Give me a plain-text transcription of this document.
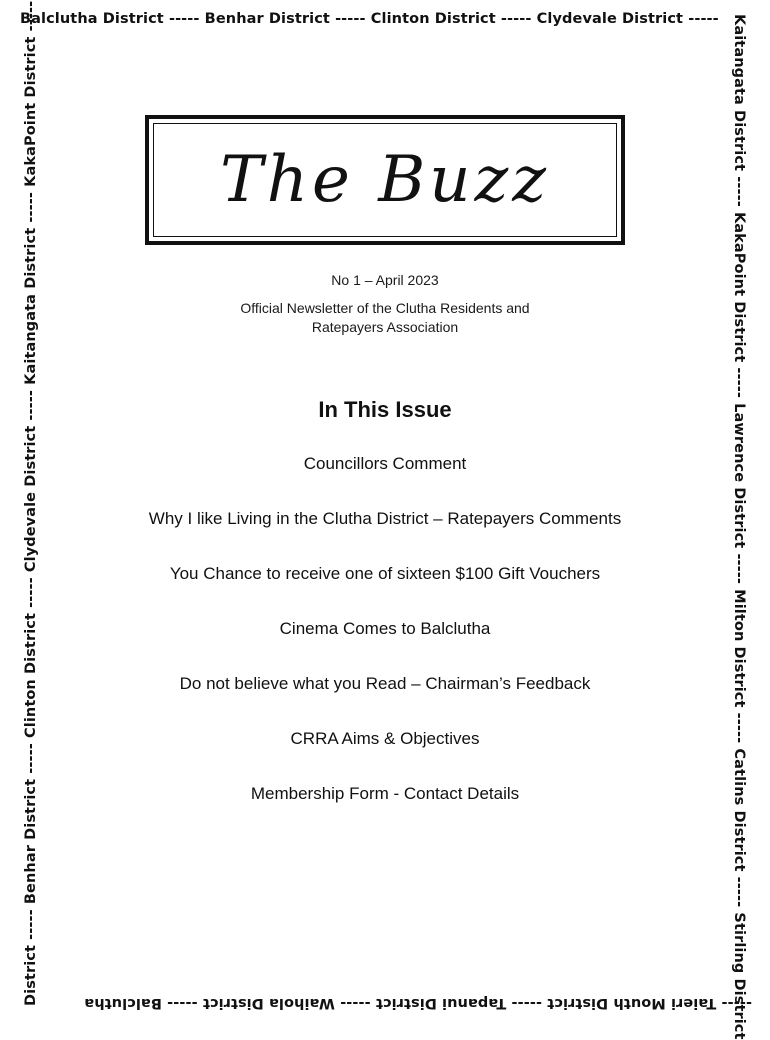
Balclutha District ----- Benhar District ----- Clinton District ----- Clydevale District ----- Kaitangata District ----- KakaPoint District ----- Lawrence District ----- Milton District ----- Catlins District ----- Stirling District
----- Taieri Mouth District ----- Tapanui District ----- Waihola District ----- Balclutha
District ----- Benhar District ----- Clinton District ----- Clydevale District ----- Kaitangata District ----- KakaPoint District -----	The Buzz
No 1 – April 2023
Official Newsletter of the Clutha Residents and
Ratepayers Association
In This Issue
Councillors Comment
Why I like Living in the Clutha District – Ratepayers Comments
You Chance to receive one of sixteen $100 Gift Vouchers
Cinema Comes to Balclutha
Do not believe what you Read – Chairman’s Feedback
CRRA Aims & Objectives
Membership Form - Contact Details
